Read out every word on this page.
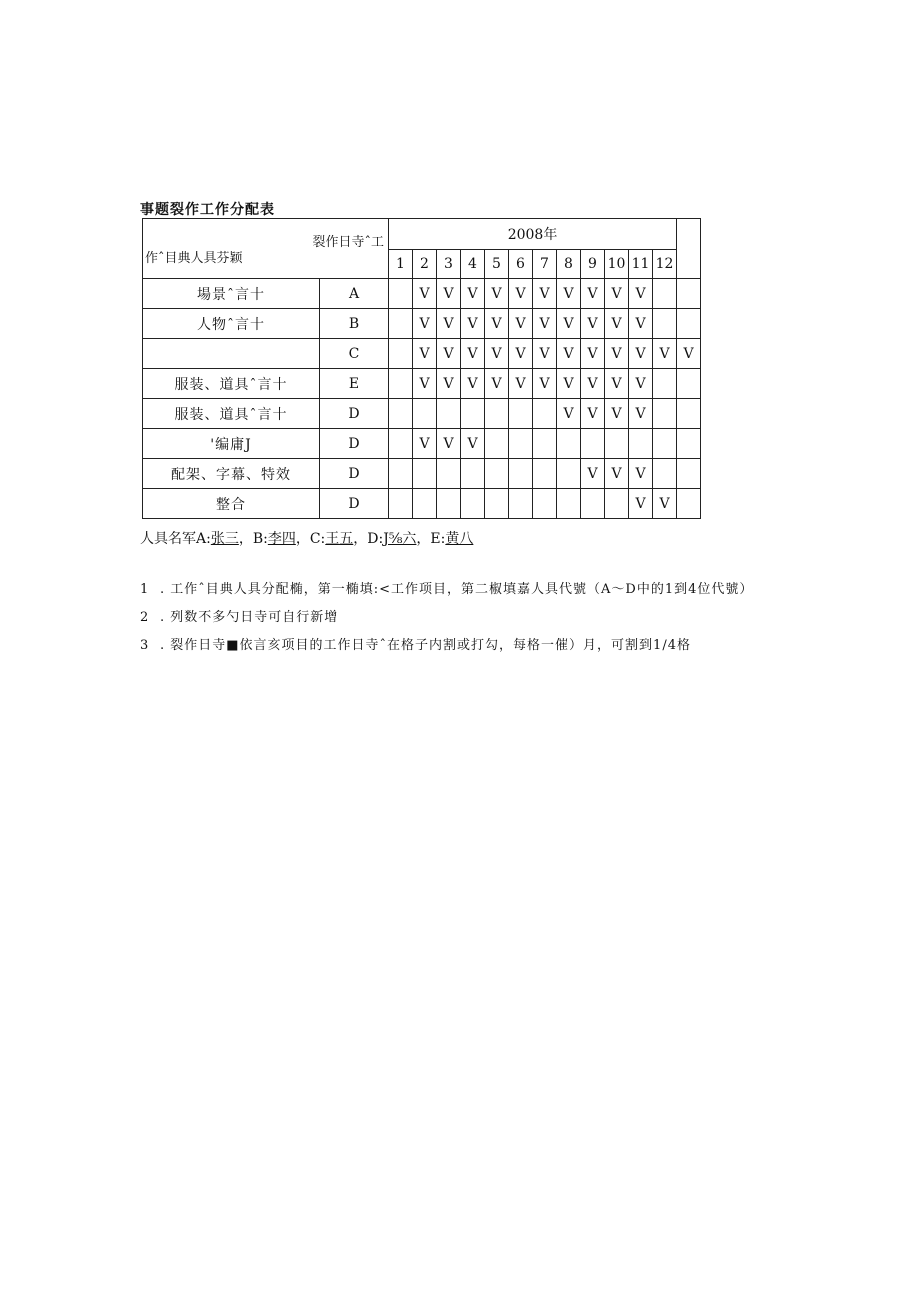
事题裂作工作分配表
裂作日寺ˆ工
作ˆ目典人具芬颖		2008年												
		1	2	3	4	5	6	7	8	9	10	11	12	
場景ˆ言十	A		V	V	V	V	V	V	V	V	V	V		
人物ˆ言十	B		V	V	V	V	V	V	V	V	V	V		
	C		V	V	V	V	V	V	V	V	V	V	V	V
服装、道具ˆ言十	E		V	V	V	V	V	V	V	V	V	V		
服装、道具ˆ言十	D								V	V	V	V		
'编庸J	D		V	V	V									
配架、字幕、特效	D									V	V	V		
整合	D											V	V	
人具名军A:张三，B:李四，C:王五，D:J⅝六，E:黄八
1 . 工作ˆ目典人具分配椭，第一椭填:<工作项目，第二椒填嘉人具代號（A～D中的1到4位代號）
2 . 列数不多勺日寺可自行新增
3 . 裂作日寺■依言亥项目的工作日寺ˆ在格子内割或打勾，每格一催）月，可割到1/4格
